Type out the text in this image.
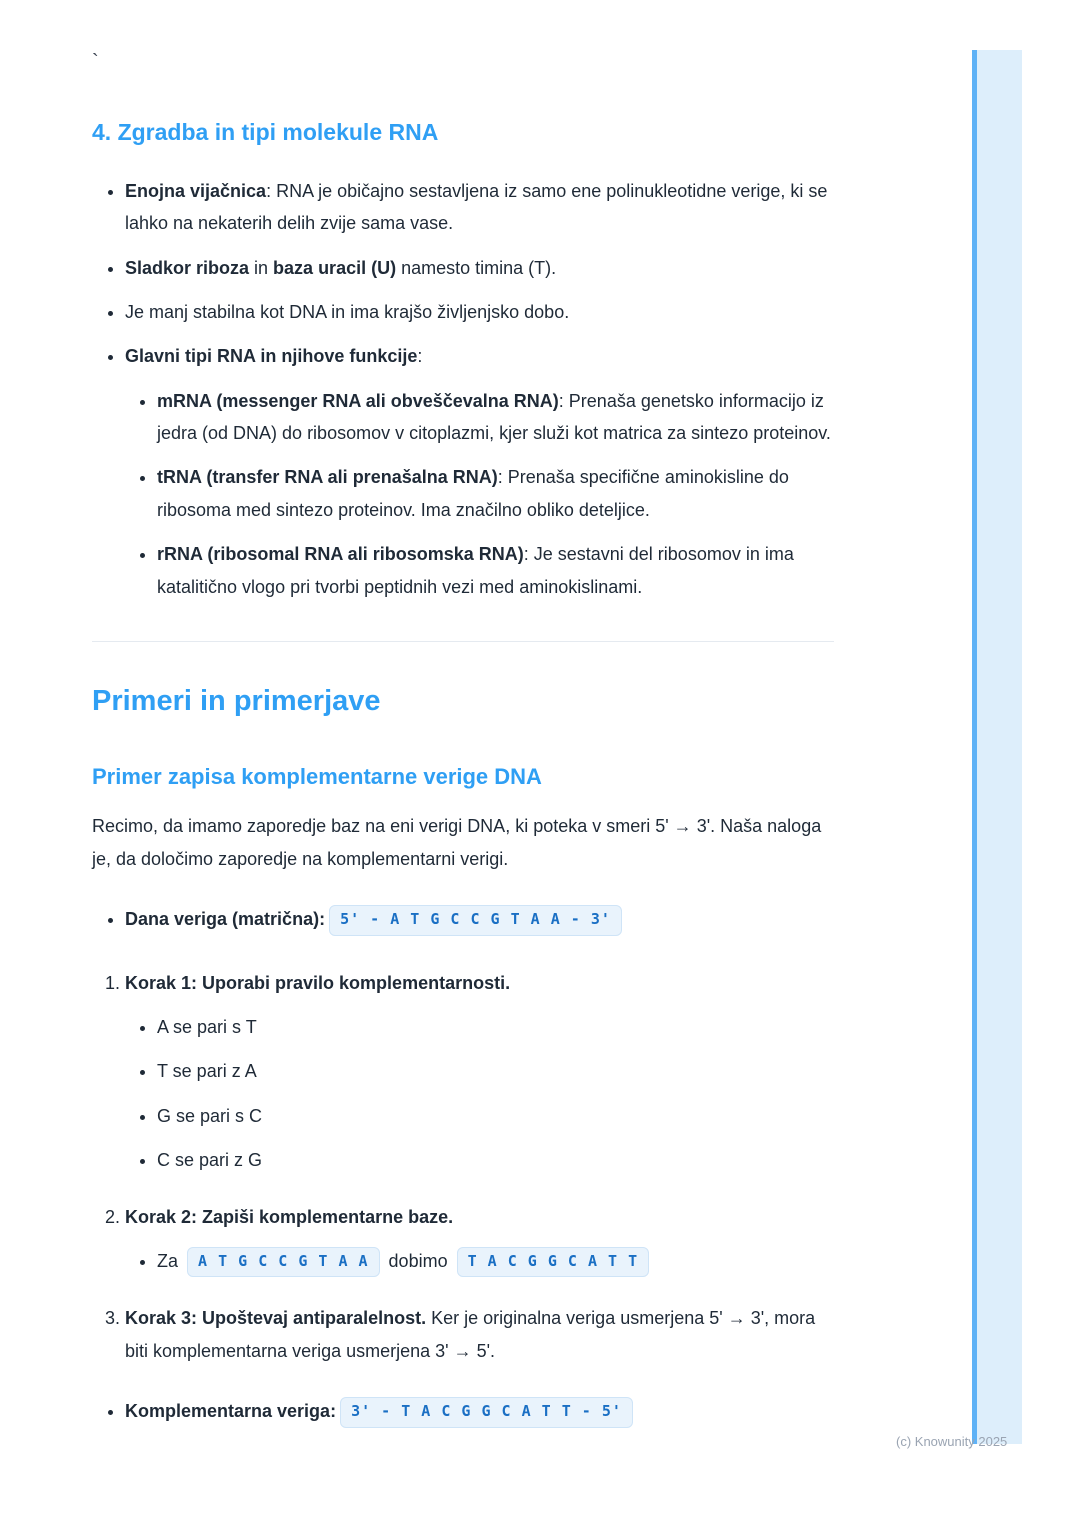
`
4. Zgradba in tipi molekule RNA
• Enojna vijačnica: RNA je običajno sestavljena iz samo ene polinukleotidne verige, ki se lahko na nekaterih delih zvije sama vase.
• Sladkor riboza in baza uracil (U) namesto timina (T).
• Je manj stabilna kot DNA in ima krajšo življenjsko dobo.
• Glavni tipi RNA in njihove funkcije:
• mRNA (messenger RNA ali obveščevalna RNA): Prenaša genetsko informacijo iz jedra (od DNA) do ribosomov v citoplazmi, kjer služi kot matrica za sintezo proteinov.
• tRNA (transfer RNA ali prenašalna RNA): Prenaša specifične aminokisline do ribosoma med sintezo proteinov. Ima značilno obliko deteljice.
• rRNA (ribosomal RNA ali ribosomska RNA): Je sestavni del ribosomov in ima katalitično vlogo pri tvorbi peptidnih vezi med aminokislinami.
Primeri in primerjave
Primer zapisa komplementarne verige DNA

Recimo, da imamo zaporedje baz na eni verigi DNA, ki poteka v smeri 5' → 3'. Naša naloga je, da določimo zaporedje na komplementarni verigi.

• Dana veriga (matrična): 5' - A T G C C G T A A - 3'
1. Korak 1: Uporabi pravilo komplementarnosti.
• A se pari s T
• T se pari z A
• G se pari s C
• C se pari z G
2. Korak 2: Zapiši komplementarne baze.
• Za A T G C C G T A A dobimo T A C G G C A T T
3. Korak 3: Upoštevaj antiparalelnost. Ker je originalna veriga usmerjena 5' → 3', mora biti komplementarna veriga usmerjena 3' → 5'.
• Komplementarna veriga: 3' - T A C G G C A T T - 5'
(c) Knowunity 2025
